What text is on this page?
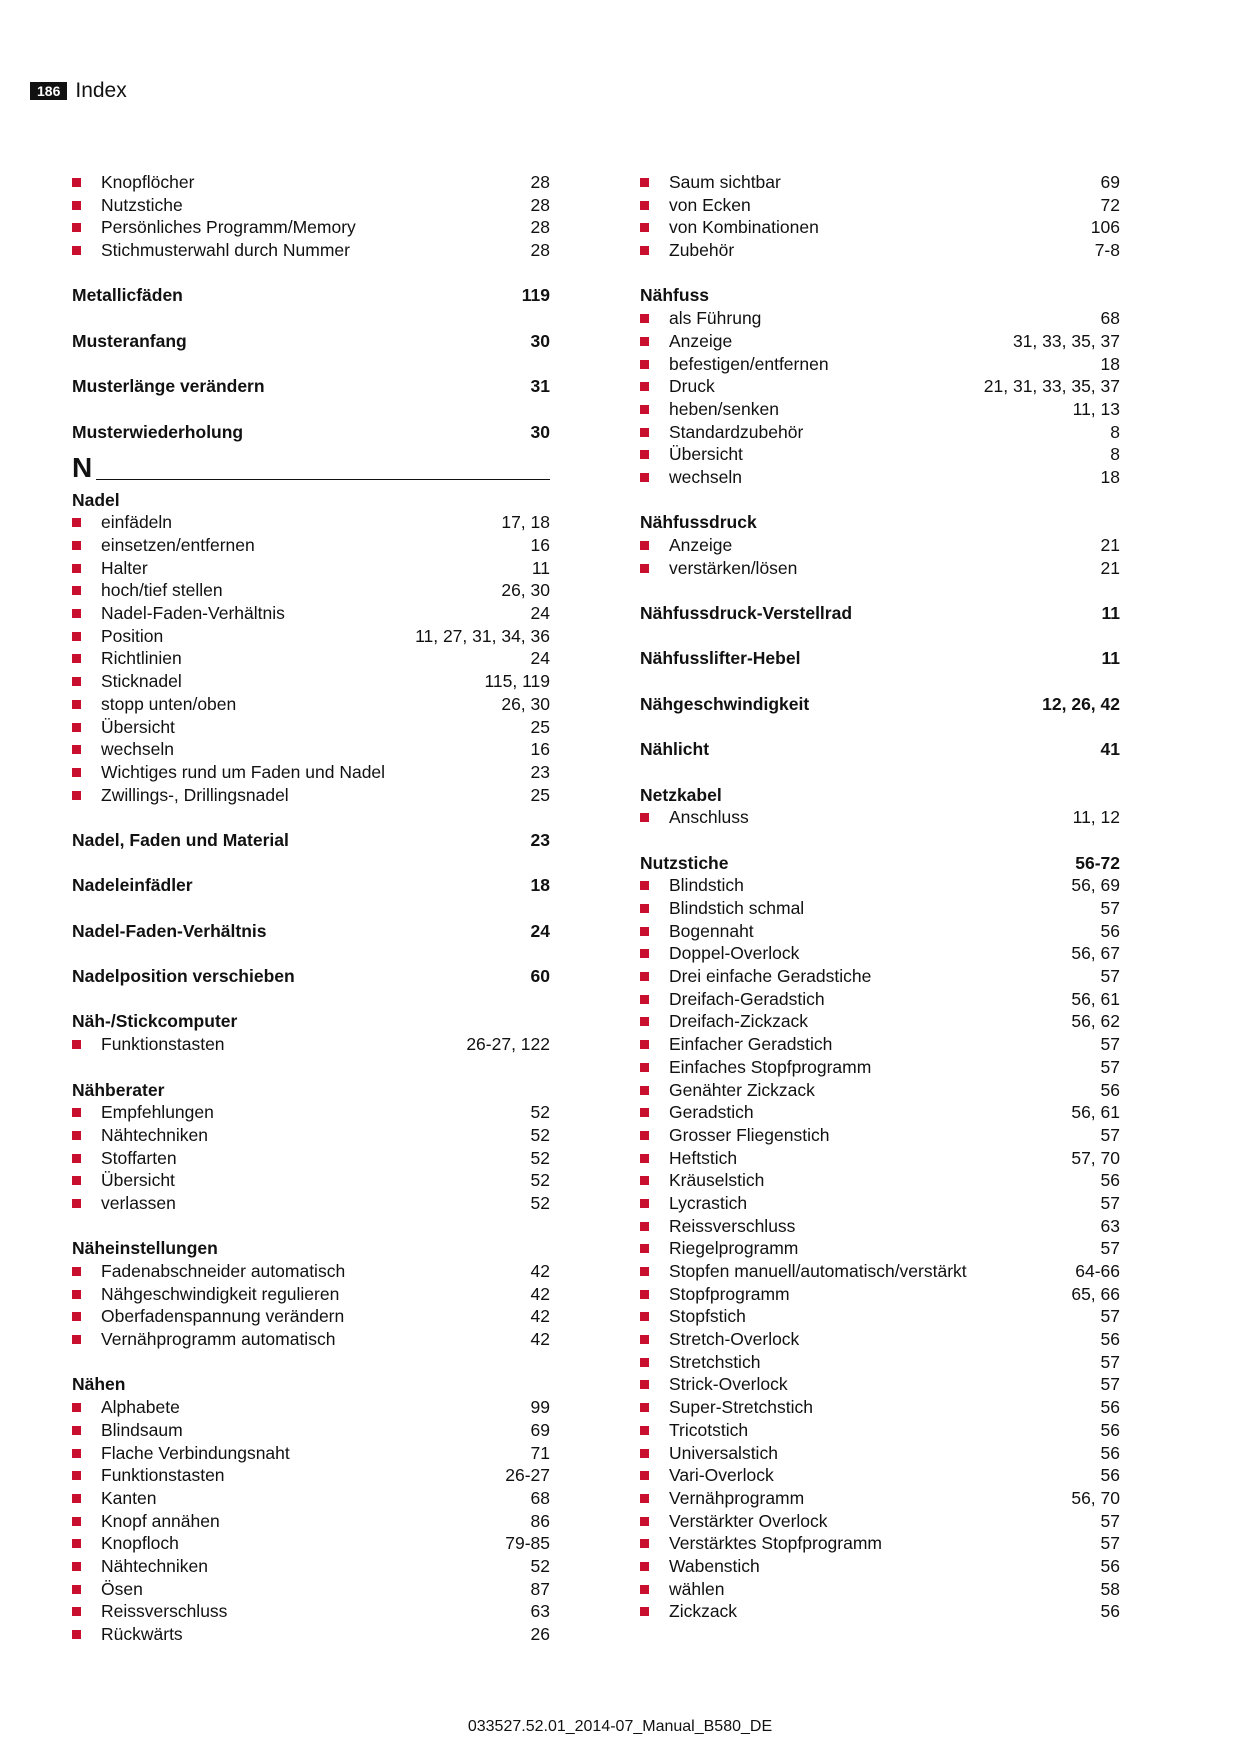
186 Index
Knopflöcher	28
Nutzstiche	28
Persönliches Programm/Memory	28
Stichmusterwahl durch Nummer	28
Metallicfäden	119
Musteranfang	30
Musterlänge verändern	31
Musterwiederholung	30
N
Nadel
einfädeln	17, 18
einsetzen/entfernen	16
Halter	11
hoch/tief stellen	26, 30
Nadel-Faden-Verhältnis	24
Position	11, 27, 31, 34, 36
Richtlinien	24
Sticknadel	115, 119
stopp unten/oben	26, 30
Übersicht	25
wechseln	16
Wichtiges rund um Faden und Nadel	23
Zwillings-, Drillingsnadel	25
Nadel, Faden und Material	23
Nadeleinfädler	18
Nadel-Faden-Verhältnis	24
Nadelposition verschieben	60
Näh-/Stickcomputer
Funktionstasten	26-27, 122
Nähberater
Empfehlungen	52
Nähtechniken	52
Stoffarten	52
Übersicht	52
verlassen	52
Näheinstellungen
Fadenabschneider automatisch	42
Nähgeschwindigkeit regulieren	42
Oberfadenspannung verändern	42
Vernähprogramm automatisch	42
Nähen
Alphabete	99
Blindsaum	69
Flache Verbindungsnaht	71
Funktionstasten	26-27
Kanten	68
Knopf annähen	86
Knopfloch	79-85
Nähtechniken	52
Ösen	87
Reissverschluss	63
Rückwärts	26
Saum sichtbar	69
von Ecken	72
von Kombinationen	106
Zubehör	7-8
Nähfuss
als Führung	68
Anzeige	31, 33, 35, 37
befestigen/entfernen	18
Druck	21, 31, 33, 35, 37
heben/senken	11, 13
Standardzubehör	8
Übersicht	8
wechseln	18
Nähfussdruck
Anzeige	21
verstärken/lösen	21
Nähfussdruck-Verstellrad	11
Nähfusslifter-Hebel	11
Nähgeschwindigkeit	12, 26, 42
Nählicht	41
Netzkabel
Anschluss	11, 12
Nutzstiche	56-72
Blindstich	56, 69
Blindstich schmal	57
Bogennaht	56
Doppel-Overlock	56, 67
Drei einfache Geradstiche	57
Dreifach-Geradstich	56, 61
Dreifach-Zickzack	56, 62
Einfacher Geradstich	57
Einfaches Stopfprogramm	57
Genähter Zickzack	56
Geradstich	56, 61
Grosser Fliegenstich	57
Heftstich	57, 70
Kräuselstich	56
Lycrastich	57
Reissverschluss	63
Riegelprogramm	57
Stopfen manuell/automatisch/verstärkt	64-66
Stopfprogramm	65, 66
Stopfstich	57
Stretch-Overlock	56
Stretchstich	57
Strick-Overlock	57
Super-Stretchstich	56
Tricotstich	56
Universalstich	56
Vari-Overlock	56
Vernähprogramm	56, 70
Verstärkter Overlock	57
Verstärktes Stopfprogramm	57
Wabenstich	56
wählen	58
Zickzack	56
033527.52.01_2014-07_Manual_B580_DE
